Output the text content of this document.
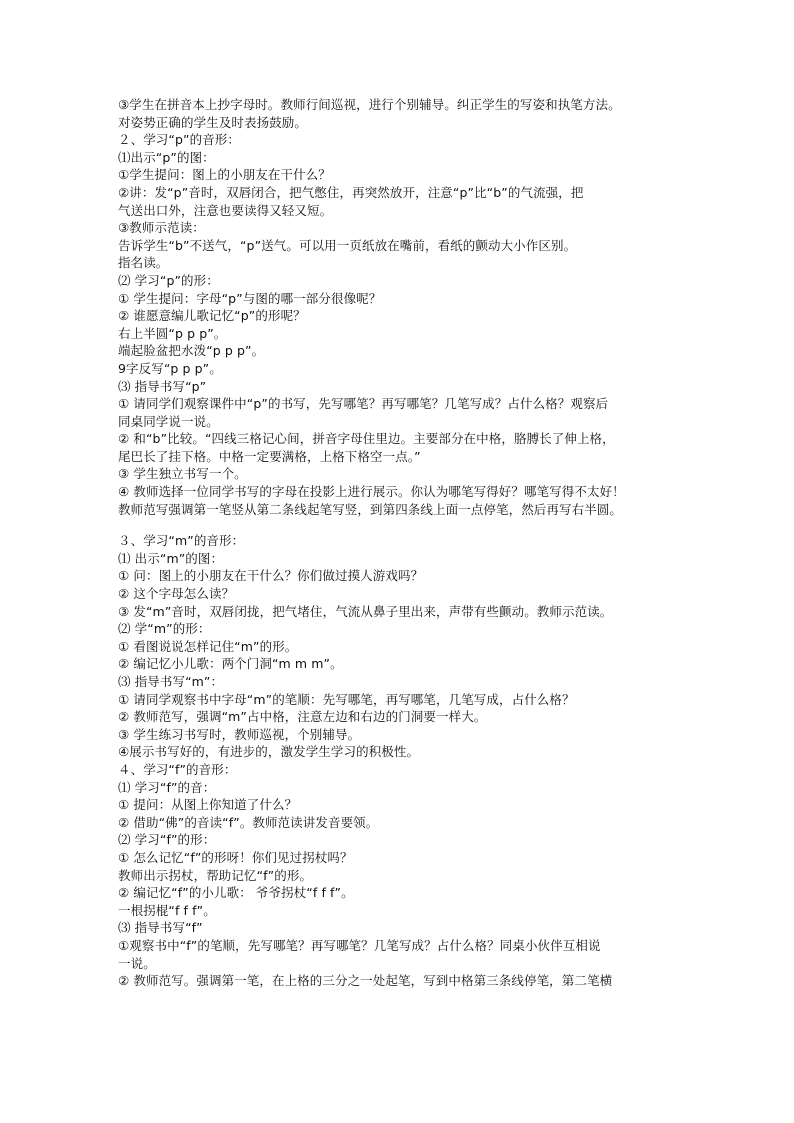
③学生在拼音本上抄字母时。教师行间巡视，进行个别辅导。纠正学生的写姿和执笔方法。
对姿势正确的学生及时表扬鼓励。
２、学习“p”的音形：
⑴出示“p”的图：
①学生提问：图上的小朋友在干什么？
②讲：发“p”音时，双唇闭合，把气憋住，再突然放开，注意“p”比“b”的气流强，把
气送出口外，注意也要读得又轻又短。
③教师示范读：
告诉学生“b”不送气，“p”送气。可以用一页纸放在嘴前，看纸的颤动大小作区别。
指名读。
⑵ 学习“p”的形：
① 学生提问：字母“p”与图的哪一部分很像呢？
② 谁愿意编儿歌记忆“p”的形呢？
右上半圆“p p p”。
端起脸盆把水泼“p p p”。
9字反写“p p p”。
⑶ 指导书写“p”
① 请同学们观察课件中“p”的书写，先写哪笔？再写哪笔？几笔写成？占什么格？观察后
同桌同学说一说。
② 和“b”比较。“四线三格记心间，拼音字母住里边。主要部分在中格，胳膊长了伸上格，
尾巴长了挂下格。中格一定要满格，上格下格空一点。”
③ 学生独立书写一个。
④ 教师选择一位同学书写的字母在投影上进行展示。你认为哪笔写得好？哪笔写得不太好！
教师范写强调第一笔竖从第二条线起笔写竖，到第四条线上面一点停笔，然后再写右半圆。
３、学习“m”的音形：
⑴ 出示“m”的图：
① 问：图上的小朋友在干什么？你们做过摸人游戏吗？
② 这个字母怎么读？
③ 发“m”音时，双唇闭拢，把气堵住，气流从鼻子里出来，声带有些颤动。教师示范读。
⑵ 学“m”的形：
① 看图说说怎样记住“m”的形。
② 编记忆小儿歌：两个门洞“m m m”。
⑶ 指导书写“m”：
① 请同学观察书中字母“m”的笔顺：先写哪笔，再写哪笔，几笔写成，占什么格？
② 教师范写，强调“m”占中格，注意左边和右边的门洞要一样大。
③ 学生练习书写时，教师巡视，个别辅导。
④展示书写好的，有进步的，激发学生学习的积极性。
４、学习“f”的音形：
⑴ 学习“f”的音：
① 提问：从图上你知道了什么？
② 借助“佛”的音读“f”。教师范读讲发音要领。
⑵ 学习“f”的形：
① 怎么记忆“f”的形呀！你们见过拐杖吗？
教师出示拐杖，帮助记忆“f”的形。
② 编记忆“f”的小儿歌： 爷爷拐杖“f f f”。
一根拐棍“f f f”。
⑶ 指导书写“f”
①观察书中“f”的笔顺，先写哪笔？再写哪笔？几笔写成？占什么格？同桌小伙伴互相说
一说。
② 教师范写。强调第一笔，在上格的三分之一处起笔，写到中格第三条线停笔，第二笔横
